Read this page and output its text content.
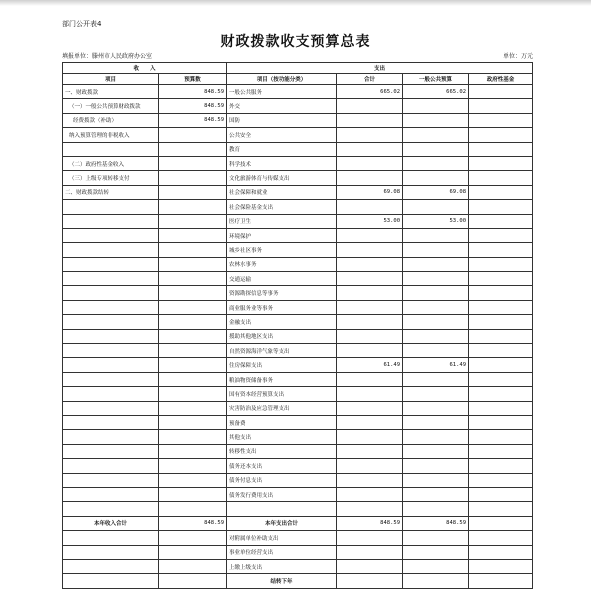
部门公开表4
财政拨款收支预算总表
填报单位：滕州市人民政府办公室	单位：万元
收　　入		支出			
项目	预算数	项目（按功能分类）	合计	一般公共预算	政府性基金
一、财政拨款	848.59	一般公共服务	665.02	665.02	
（一）一般公共预算财政拨款	848.59	外交			
经费拨款（补助）	848.59	国防			
纳入预算管理的非税收入		公共安全			
		教育			
（二）政府性基金收入		科学技术			
（三）上级专项转移支付		文化旅游体育与传媒支出			
二、财政拨款结转		社会保障和就业	69.08	69.08	
		社会保险基金支出			
		医疗卫生	53.00	53.00	
		环境保护			
		城乡社区事务			
		农林水事务			
		交通运输			
		资源勘探信息等事务			
		商业服务业等事务			
		金融支出			
		援助其他地区支出			
		自然资源海洋气象等支出			
		住房保障支出	61.49	61.49	
		粮油物资储备事务			
		国有资本经营预算支出			
		灾害防治及应急管理支出			
		预备费			
		其他支出			
		转移性支出			
		债务还本支出			
		债务付息支出			
		债务发行费用支出			

本年收入合计	848.59	本年支出合计	848.59	848.59	
		对附属单位补助支出			
		事业单位经营支出			
		上缴上级支出			
		结转下年			
